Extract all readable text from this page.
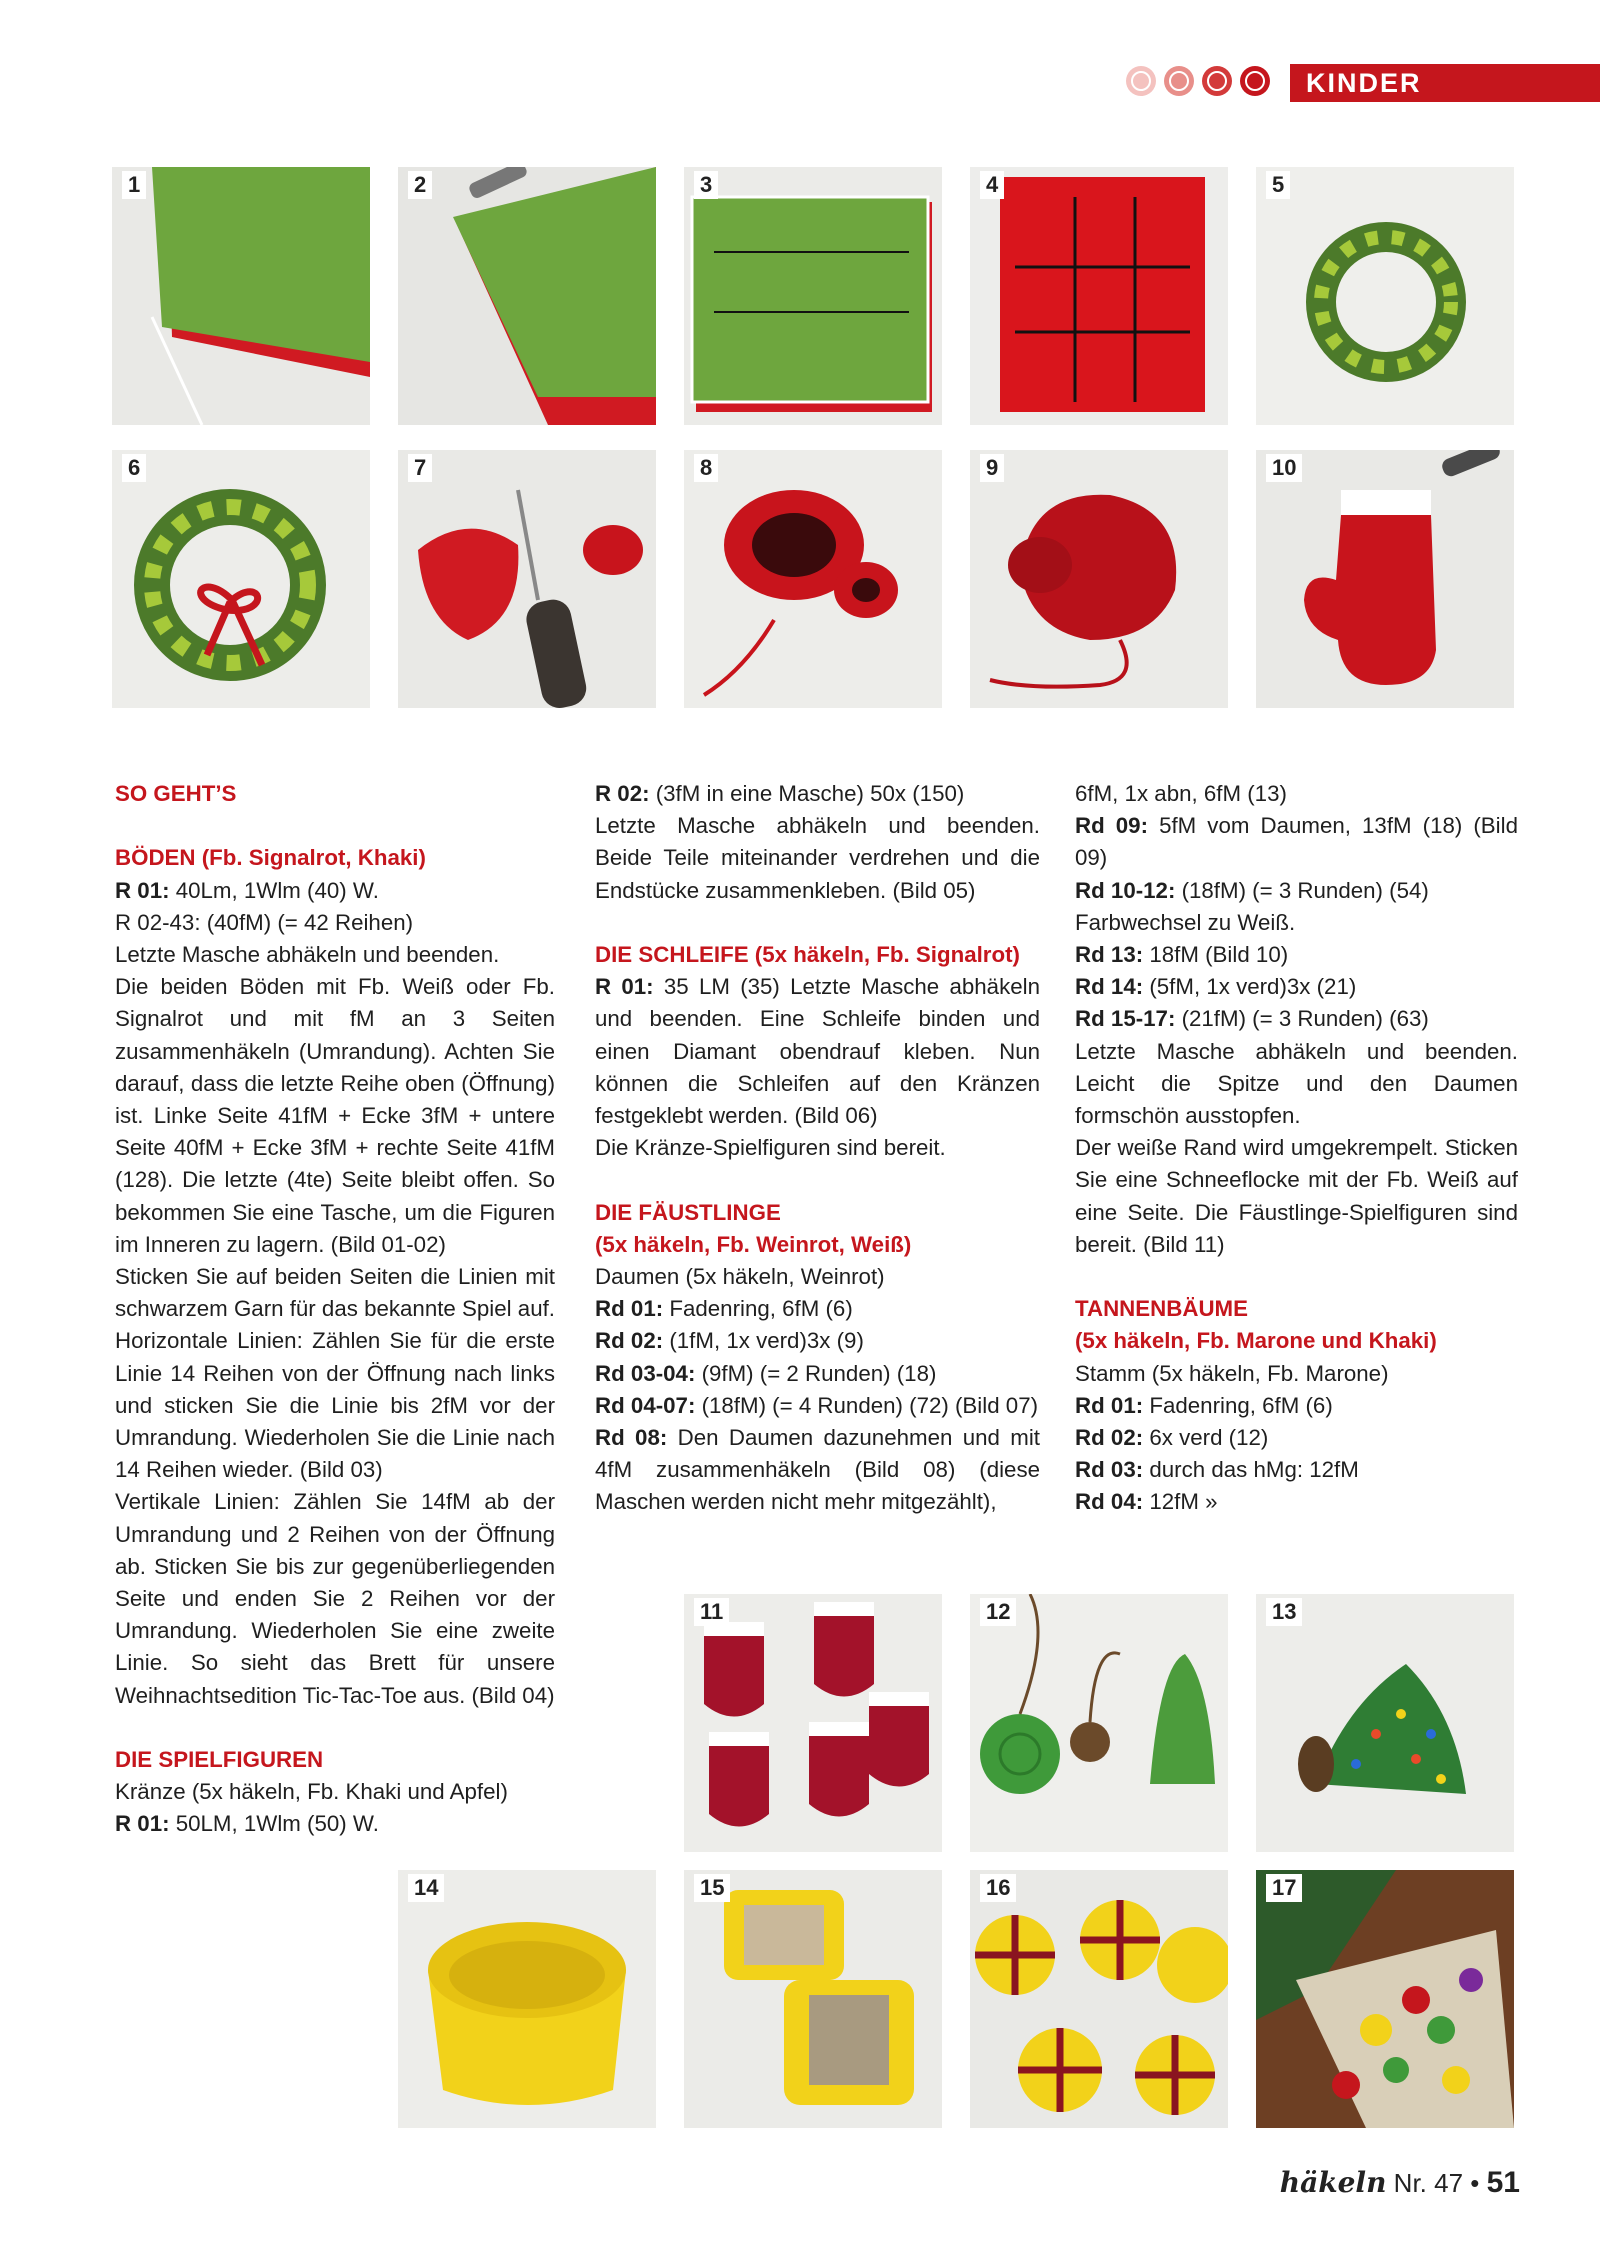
KINDER
1	2	3	4	5
6	7	8	9	10
11	12	13
14	15	16	17

SO GEHT’S

BÖDEN (Fb. Signalrot, Khaki)

R 01: 40Lm, 1Wlm (40) W.

R 02-43: (40fM) (= 42 Reihen)

Letzte Masche abhäkeln und beenden.

Die beiden Böden mit Fb. Weiß oder Fb. Signalrot und mit fM an 3 Seiten zusammenhäkeln (Umrandung). Achten Sie darauf, dass die letzte Reihe oben (Öffnung) ist. Linke Seite 41fM + Ecke 3fM + untere Seite 40fM + Ecke 3fM + rechte Seite 41fM (128). Die letzte (4te) Seite bleibt offen. So bekommen Sie eine Tasche, um die Figuren im Inneren zu lagern. (Bild 01-02)

Sticken Sie auf beiden Seiten die Linien mit schwarzem Garn für das bekannte Spiel auf. Horizontale Linien: Zählen Sie für die erste Linie 14 Reihen von der Öffnung nach links und sticken Sie die Linie bis 2fM vor der Umrandung. Wiederholen Sie die Linie nach 14 Reihen wieder. (Bild 03)

Vertikale Linien: Zählen Sie 14fM ab der Umrandung und 2 Reihen von der Öffnung ab. Sticken Sie bis zur gegenüberliegenden Seite und enden Sie 2 Reihen vor der Umrandung. Wiederholen Sie eine zweite Linie. So sieht das Brett für unsere Weihnachtsedition Tic-Tac-Toe aus. (Bild 04)

DIE SPIELFIGUREN

Kränze (5x häkeln, Fb. Khaki und Apfel)

R 01: 50LM, 1Wlm (50) W.

R 02: (3fM in eine Masche) 50x (150)

Letzte Masche abhäkeln und beenden. Beide Teile miteinander verdrehen und die Endstücke zusammenkleben. (Bild 05)

DIE SCHLEIFE (5x häkeln, Fb. Signalrot)

R 01: 35 LM (35) Letzte Masche abhäkeln und beenden. Eine Schleife binden und einen Diamant obendrauf kleben. Nun können die Schleifen auf den Kränzen festgeklebt werden. (Bild 06)

Die Kränze-Spielfiguren sind bereit.

DIE FÄUSTLINGE

(5x häkeln, Fb. Weinrot, Weiß)

Daumen (5x häkeln, Weinrot)

Rd 01: Fadenring, 6fM (6)

Rd 02: (1fM, 1x verd)3x (9)

Rd 03-04: (9fM) (= 2 Runden) (18)

Rd 04-07: (18fM) (= 4 Runden) (72) (Bild 07)

Rd 08: Den Daumen dazunehmen und mit 4fM zusammenhäkeln (Bild 08) (diese Maschen werden nicht mehr mitgezählt),

6fM, 1x abn, 6fM (13)

Rd 09: 5fM vom Daumen, 13fM (18) (Bild 09)

Rd 10-12: (18fM) (= 3 Runden) (54)

Farbwechsel zu Weiß.

Rd 13: 18fM (Bild 10)

Rd 14: (5fM, 1x verd)3x (21)

Rd 15-17: (21fM) (= 3 Runden) (63)

Letzte Masche abhäkeln und beenden. Leicht die Spitze und den Daumen formschön ausstopfen.

Der weiße Rand wird umgekrempelt. Sticken Sie eine Schneeflocke mit der Fb. Weiß auf eine Seite. Die Fäustlinge-Spielfiguren sind bereit. (Bild 11)

TANNENBÄUME

(5x häkeln, Fb. Marone und Khaki)

Stamm (5x häkeln, Fb. Marone)

Rd 01: Fadenring, 6fM (6)

Rd 02: 6x verd (12)

Rd 03: durch das hMg: 12fM

Rd 04: 12fM »

häkeln Nr. 47 • 51
